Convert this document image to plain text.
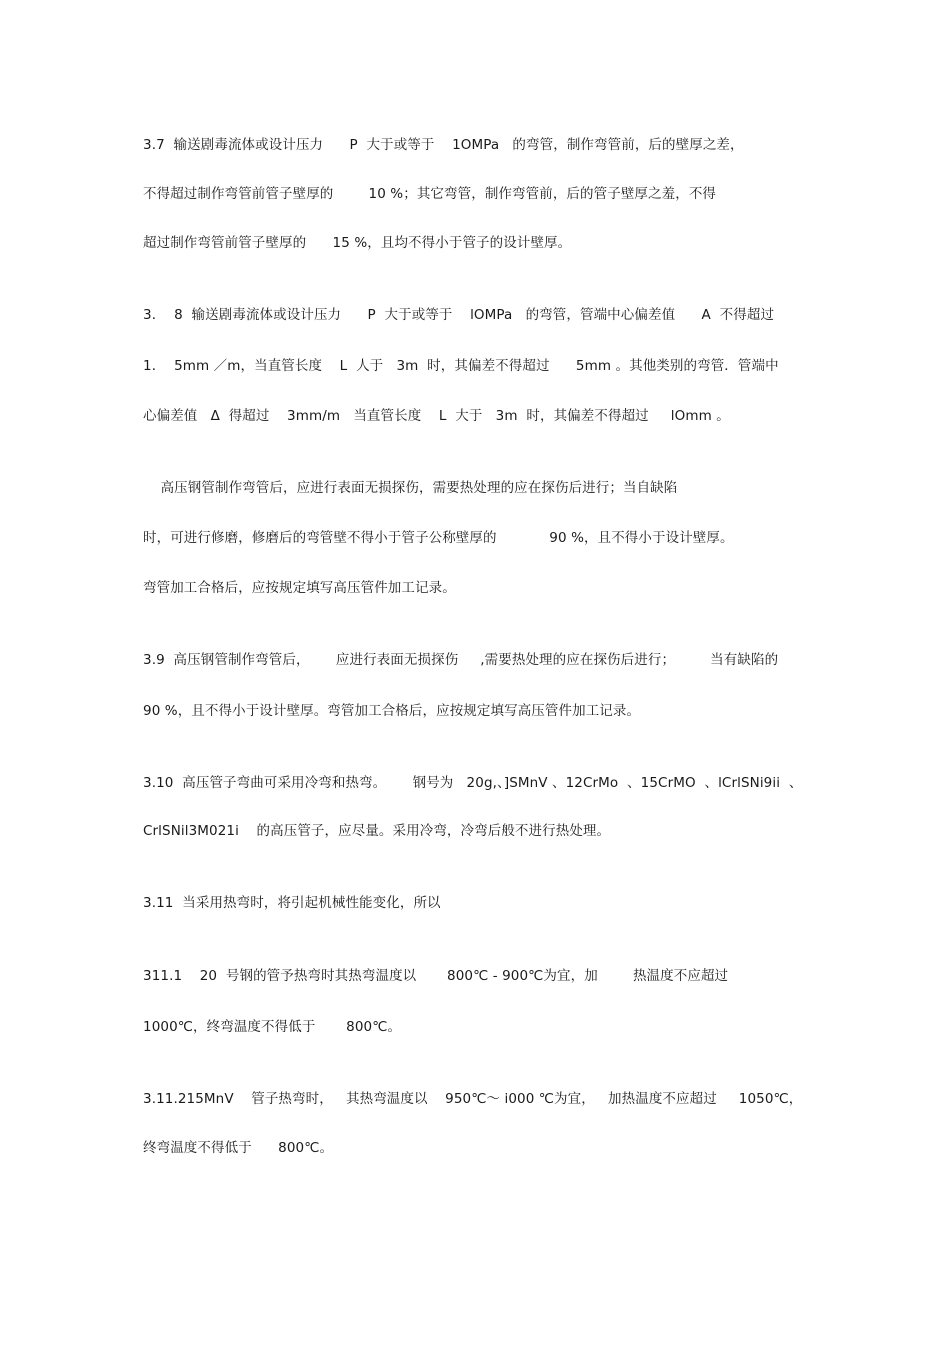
3.7  输送剧毒流体或设计压力      P  大于或等于    1OMPa   的弯管，制作弯管前，后的壁厚之差，
不得超过制作弯管前管子壁厚的        10 %；其它弯管，制作弯管前，后的管子壁厚之羞，不得
超过制作弯管前管子壁厚的      15 %，且均不得小于管子的设计壁厚。
3．  8  输送剧毒流体或设计压力      P  大于或等于    lOMPa   的弯管，管端中心偏差值      A  不得超过
1．  5mm ／m，当直管长度    L  人于   3m  时，其偏差不得超过      5mm 。其他类别的弯管．管端中
心偏差值   Δ  得超过    3mm/m   当直管长度    L  大于   3m  时，其偏差不得超过     lOmm 。
高压钢管制作弯管后，应进行表面无损探伤，需要热处理的应在探伤后进行；当自缺陷
时，可进行修磨，修磨后的弯管壁不得小于管子公称壁厚的            90 %，且不得小于设计壁厚。
弯管加工合格后，应按规定填写高压管件加工记录。
3.9  高压钢管制作弯管后，      应进行表面无损探伤     ,需要热处理的应在探伤后进行；        当有缺陷的
90 %，且不得小于设计壁厚。弯管加工合格后，应按规定填写高压管件加工记录。
3.10  高压管子弯曲可采用冷弯和热弯。      钢号为   20g,、]SMnV 、12CrMo  、15CrMO  、lCrlSNi9ii  、
CrlSNil3M021i    的高压管子，应尽量。采用冷弯，冷弯后般不进行热处理。
3.11  当采用热弯时，将引起机械性能变化，所以
311.1    20  号钢的管予热弯时其热弯温度以       800℃ - 900℃为宜，加        热温度不应超过
1000℃，终弯温度不得低于       800℃。
3.11.215MnV    管子热弯时，   其热弯温度以    950℃～ i000 ℃为宜，   加热温度不应超过     1050℃，
终弯温度不得低于      800℃。
